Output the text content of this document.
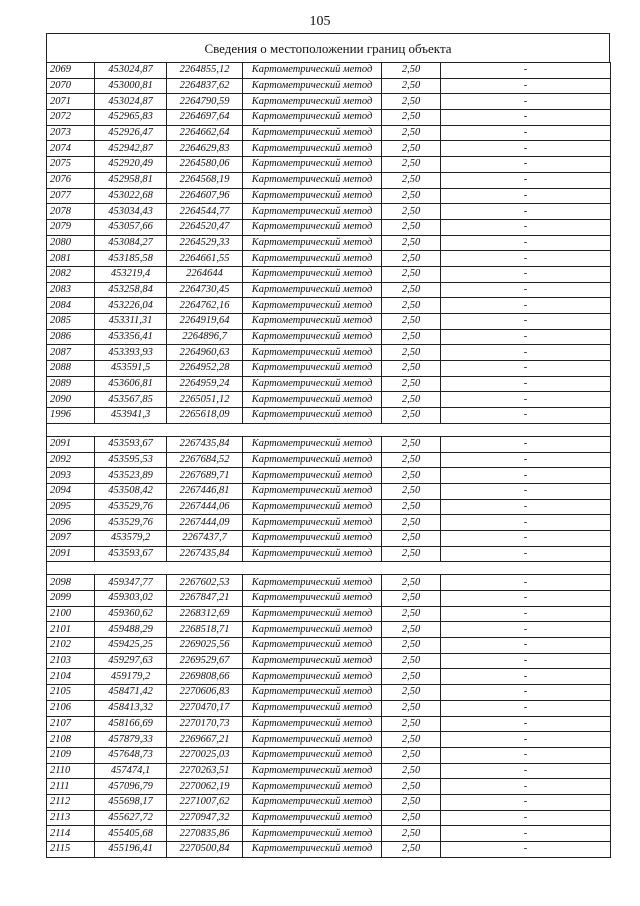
105
Сведения о местоположении границ объекта
2069	453024,87	2264855,12	Картометрический метод	2,50	-
2070	453000,81	2264837,62	Картометрический метод	2,50	-
2071	453024,87	2264790,59	Картометрический метод	2,50	-
2072	452965,83	2264697,64	Картометрический метод	2,50	-
2073	452926,47	2264662,64	Картометрический метод	2,50	-
2074	452942,87	2264629,83	Картометрический метод	2,50	-
2075	452920,49	2264580,06	Картометрический метод	2,50	-
2076	452958,81	2264568,19	Картометрический метод	2,50	-
2077	453022,68	2264607,96	Картометрический метод	2,50	-
2078	453034,43	2264544,77	Картометрический метод	2,50	-
2079	453057,66	2264520,47	Картометрический метод	2,50	-
2080	453084,27	2264529,33	Картометрический метод	2,50	-
2081	453185,58	2264661,55	Картометрический метод	2,50	-
2082	453219,4	2264644	Картометрический метод	2,50	-
2083	453258,84	2264730,45	Картометрический метод	2,50	-
2084	453226,04	2264762,16	Картометрический метод	2,50	-
2085	453311,31	2264919,64	Картометрический метод	2,50	-
2086	453356,41	2264896,7	Картометрический метод	2,50	-
2087	453393,93	2264960,63	Картометрический метод	2,50	-
2088	453591,5	2264952,28	Картометрический метод	2,50	-
2089	453606,81	2264959,24	Картометрический метод	2,50	-
2090	453567,85	2265051,12	Картометрический метод	2,50	-
1996	453941,3	2265618,09	Картометрический метод	2,50	-

2091	453593,67	2267435,84	Картометрический метод	2,50	-
2092	453595,53	2267684,52	Картометрический метод	2,50	-
2093	453523,89	2267689,71	Картометрический метод	2,50	-
2094	453508,42	2267446,81	Картометрический метод	2,50	-
2095	453529,76	2267444,06	Картометрический метод	2,50	-
2096	453529,76	2267444,09	Картометрический метод	2,50	-
2097	453579,2	2267437,7	Картометрический метод	2,50	-
2091	453593,67	2267435,84	Картометрический метод	2,50	-

2098	459347,77	2267602,53	Картометрический метод	2,50	-
2099	459303,02	2267847,21	Картометрический метод	2,50	-
2100	459360,62	2268312,69	Картометрический метод	2,50	-
2101	459488,29	2268518,71	Картометрический метод	2,50	-
2102	459425,25	2269025,56	Картометрический метод	2,50	-
2103	459297,63	2269529,67	Картометрический метод	2,50	-
2104	459179,2	2269808,66	Картометрический метод	2,50	-
2105	458471,42	2270606,83	Картометрический метод	2,50	-
2106	458413,32	2270470,17	Картометрический метод	2,50	-
2107	458166,69	2270170,73	Картометрический метод	2,50	-
2108	457879,33	2269667,21	Картометрический метод	2,50	-
2109	457648,73	2270025,03	Картометрический метод	2,50	-
2110	457474,1	2270263,51	Картометрический метод	2,50	-
2111	457096,79	2270062,19	Картометрический метод	2,50	-
2112	455698,17	2271007,62	Картометрический метод	2,50	-
2113	455627,72	2270947,32	Картометрический метод	2,50	-
2114	455405,68	2270835,86	Картометрический метод	2,50	-
2115	455196,41	2270500,84	Картометрический метод	2,50	-
